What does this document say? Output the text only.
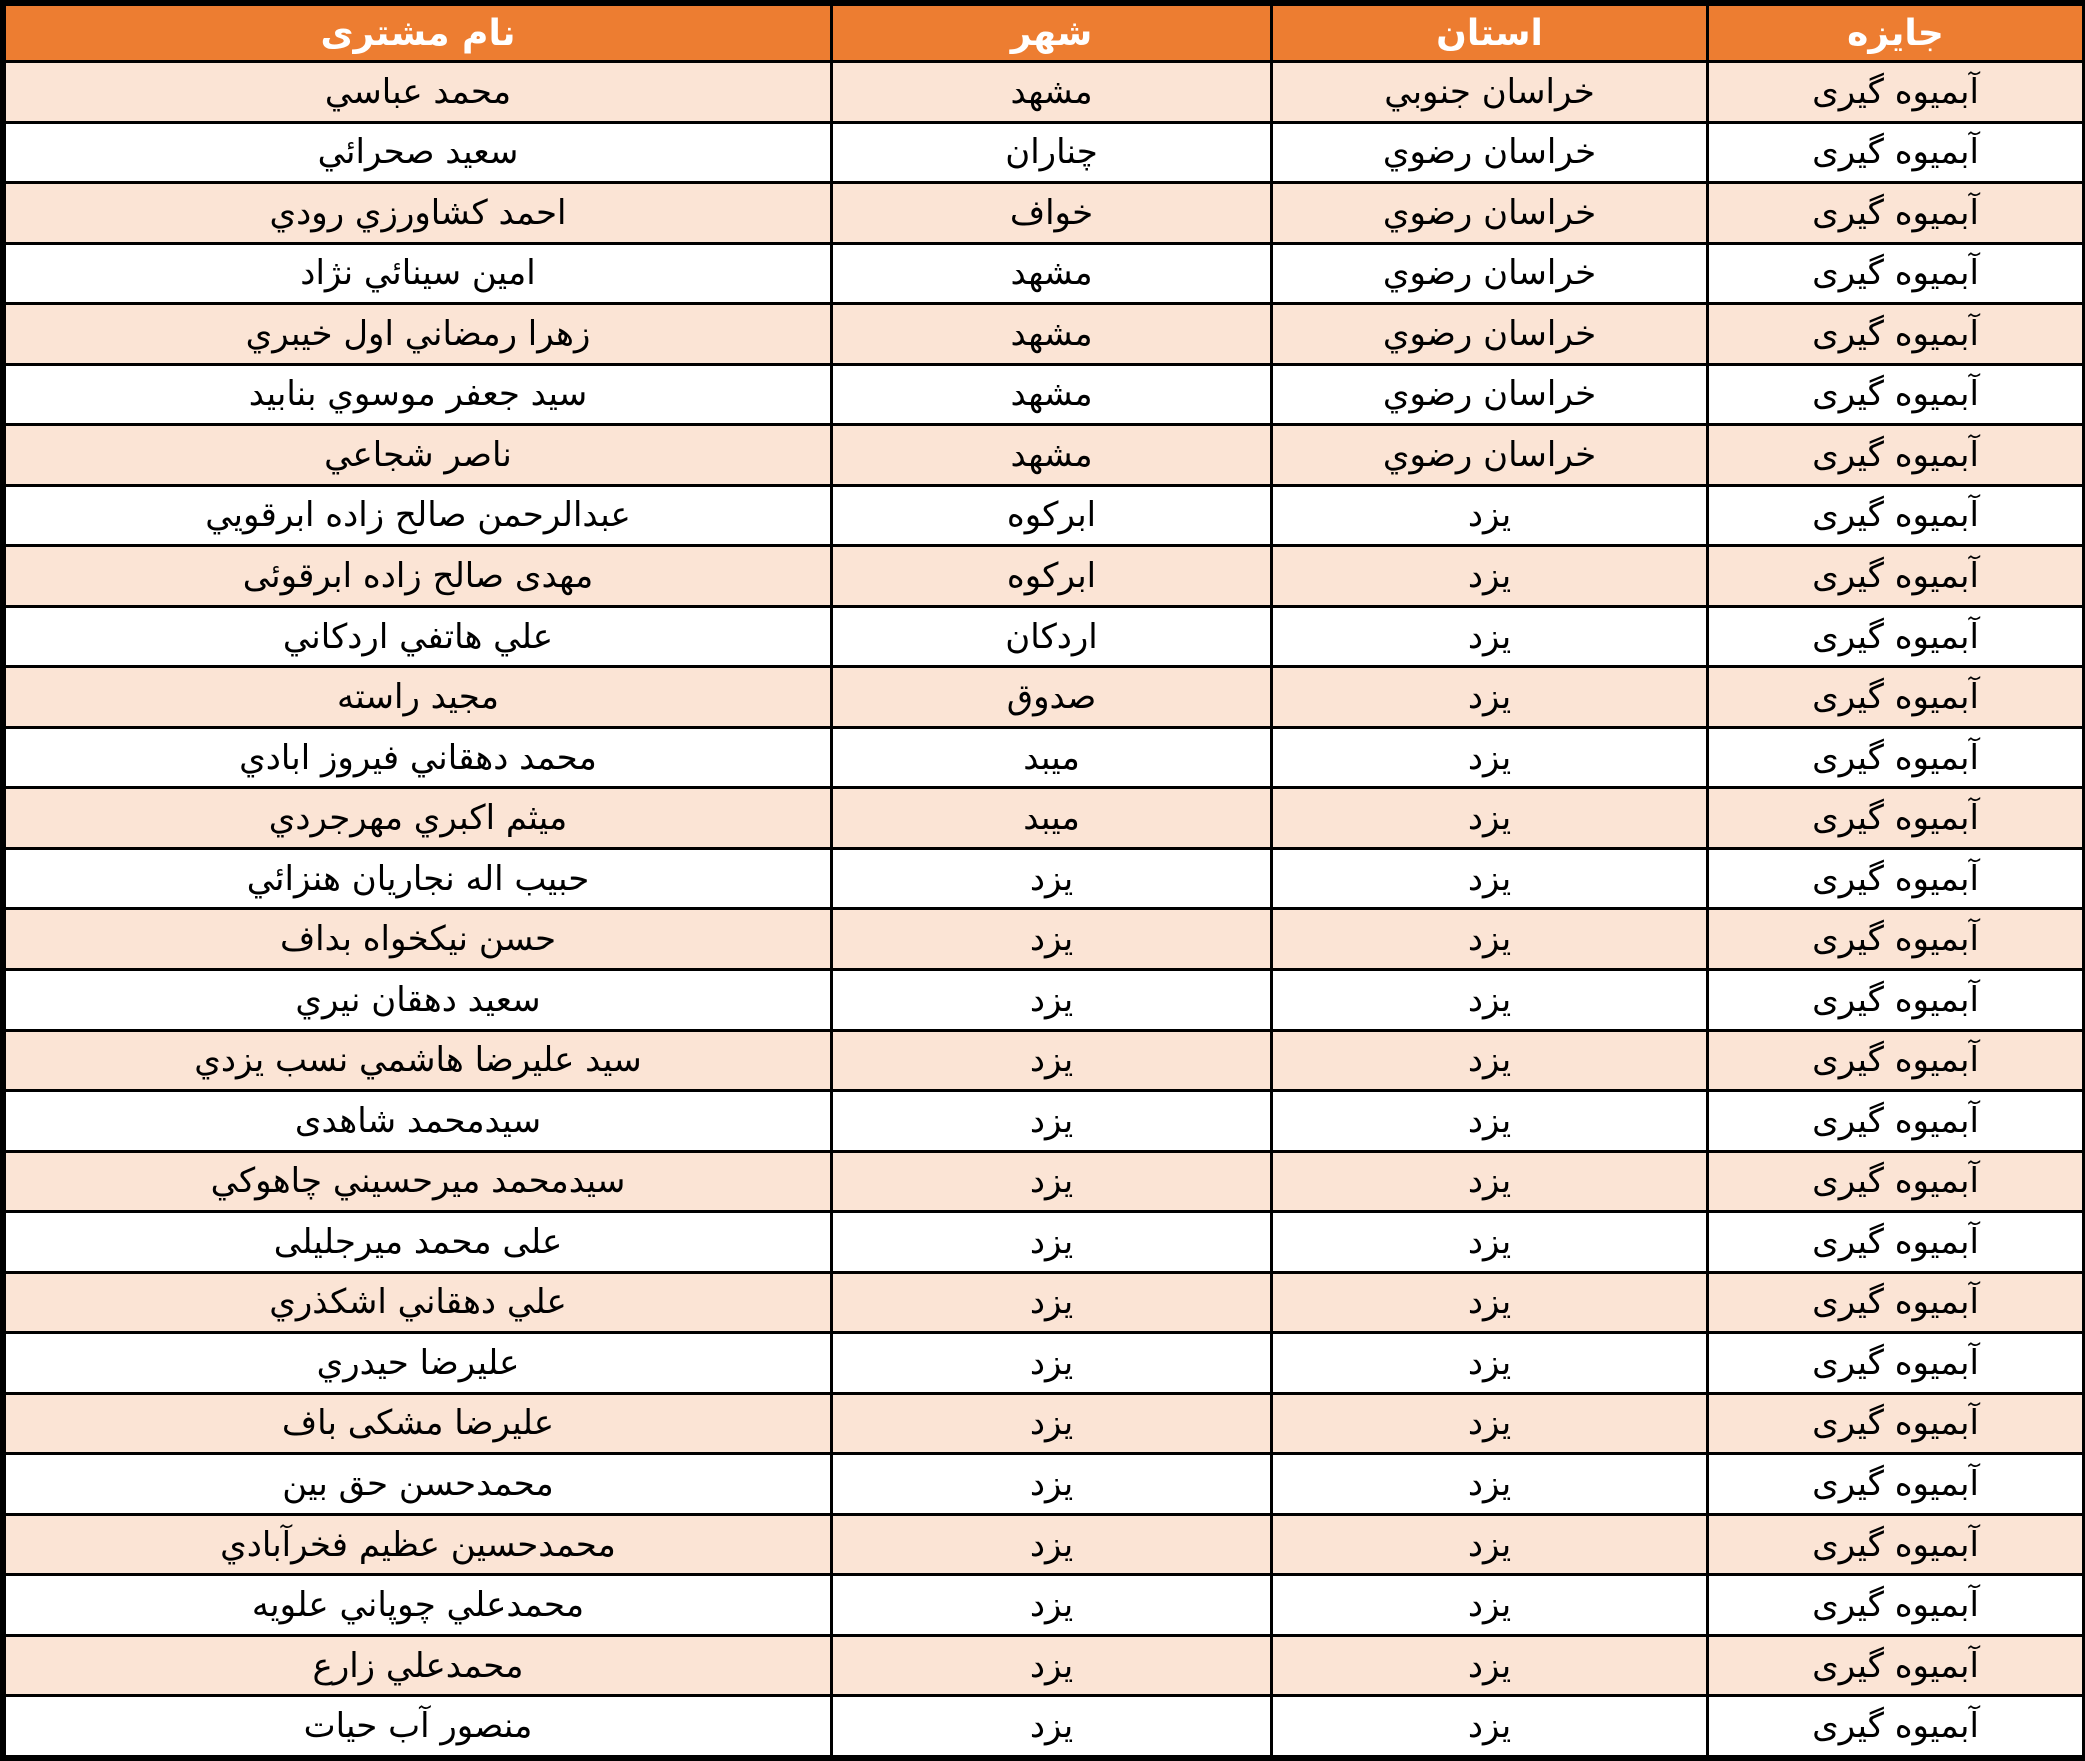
جایزه	استان	شهر	نام مشتری
آبمیوه گیری	خراسان جنوبي	مشهد	محمد عباسي
آبمیوه گیری	خراسان رضوي	چناران	سعيد صحرائي
آبمیوه گیری	خراسان رضوي	خواف	احمد كشاورزي رودي
آبمیوه گیری	خراسان رضوي	مشهد	امين سينائي نژاد
آبمیوه گیری	خراسان رضوي	مشهد	زهرا رمضاني اول خيبري
آبمیوه گیری	خراسان رضوي	مشهد	سيد جعفر موسوي بنابيد
آبمیوه گیری	خراسان رضوي	مشهد	ناصر شجاعي
آبمیوه گیری	يزد	ابركوه	عبدالرحمن صالح زاده ابرقويي
آبمیوه گیری	يزد	ابركوه	مهدی صالح زاده ابرقوئی
آبمیوه گیری	يزد	اردكان	علي هاتفي اردكاني
آبمیوه گیری	يزد	صدوق	مجيد راسته
آبمیوه گیری	يزد	ميبد	محمد دهقاني فيروز ابادي
آبمیوه گیری	يزد	ميبد	ميثم اكبري مهرجردي
آبمیوه گیری	يزد	يزد	حبيب اله نجاريان هنزائي
آبمیوه گیری	يزد	يزد	حسن نيكخواه بداف
آبمیوه گیری	يزد	يزد	سعيد دهقان نيري
آبمیوه گیری	يزد	يزد	سيد عليرضا هاشمي نسب يزدي
آبمیوه گیری	يزد	يزد	سیدمحمد شاهدی
آبمیوه گیری	يزد	يزد	سيدمحمد ميرحسيني چاهوكي
آبمیوه گیری	يزد	يزد	علی محمد میرجلیلی
آبمیوه گیری	يزد	يزد	علي دهقاني اشكذري
آبمیوه گیری	يزد	يزد	عليرضا حيدري
آبمیوه گیری	يزد	يزد	علیرضا مشکی باف
آبمیوه گیری	يزد	يزد	محمدحسن حق بین
آبمیوه گیری	يزد	يزد	محمدحسين عظيم فخرآبادي
آبمیوه گیری	يزد	يزد	محمدعلي چوپاني علويه
آبمیوه گیری	يزد	يزد	محمدعلي زارع
آبمیوه گیری	يزد	يزد	منصور آب حيات
